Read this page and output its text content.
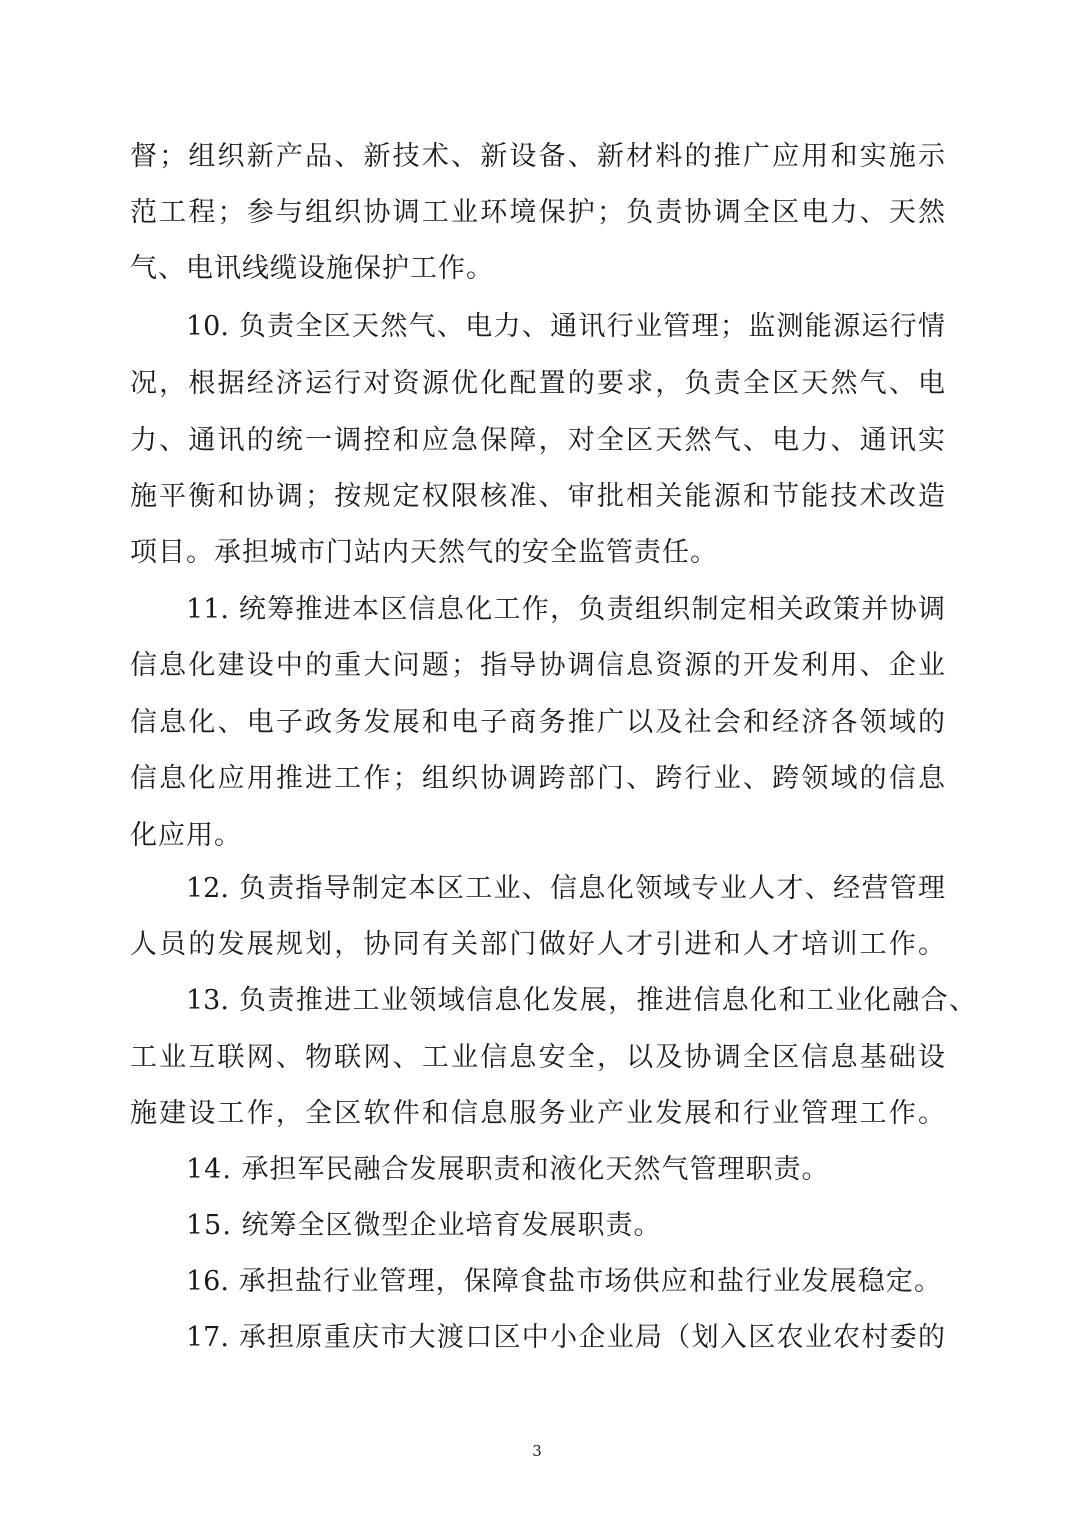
督；组织新产品、新技术、新设备、新材料的推广应用和实施示
范工程；参与组织协调工业环境保护；负责协调全区电力、天然
气、电讯线缆设施保护工作。
10. 负责全区天然气、电力、通讯行业管理；监测能源运行情
况，根据经济运行对资源优化配置的要求，负责全区天然气、电
力、通讯的统一调控和应急保障，对全区天然气、电力、通讯实
施平衡和协调；按规定权限核准、审批相关能源和节能技术改造
项目。承担城市门站内天然气的安全监管责任。
11. 统筹推进本区信息化工作，负责组织制定相关政策并协调
信息化建设中的重大问题；指导协调信息资源的开发利用、企业
信息化、电子政务发展和电子商务推广以及社会和经济各领域的
信息化应用推进工作；组织协调跨部门、跨行业、跨领域的信息
化应用。
12. 负责指导制定本区工业、信息化领域专业人才、经营管理
人员的发展规划，协同有关部门做好人才引进和人才培训工作。
13. 负责推进工业领域信息化发展，推进信息化和工业化融合、
工业互联网、物联网、工业信息安全，以及协调全区信息基础设
施建设工作，全区软件和信息服务业产业发展和行业管理工作。
14. 承担军民融合发展职责和液化天然气管理职责。
15. 统筹全区微型企业培育发展职责。
16. 承担盐行业管理，保障食盐市场供应和盐行业发展稳定。
17. 承担原重庆市大渡口区中小企业局（划入区农业农村委的
3
